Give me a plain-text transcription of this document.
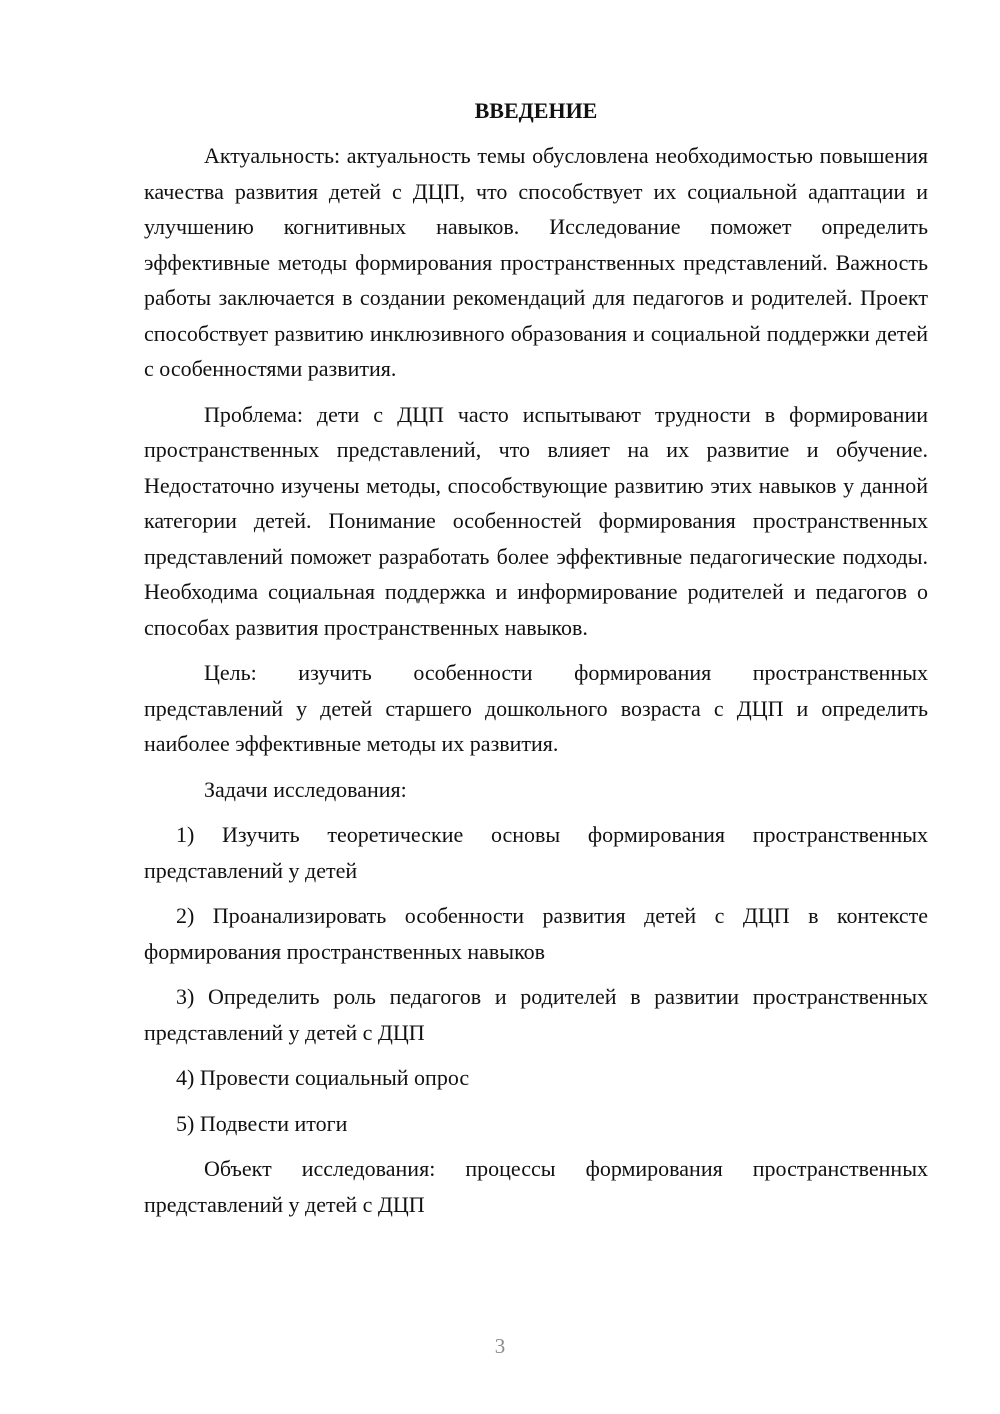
ВВЕДЕНИЕ

Актуальность: актуальность темы обусловлена необходимостью повышения качества развития детей с ДЦП, что способствует их социальной адаптации и улучшению когнитивных навыков. Исследование поможет определить эффективные методы формирования пространственных представлений. Важность работы заключается в создании рекомендаций для педагогов и родителей. Проект способствует развитию инклюзивного образования и социальной поддержки детей с особенностями развития.

Проблема: дети с ДЦП часто испытывают трудности в формировании пространственных представлений, что влияет на их развитие и обучение. Недостаточно изучены методы, способствующие развитию этих навыков у данной категории детей. Понимание особенностей формирования пространственных представлений поможет разработать более эффективные педагогические подходы. Необходима социальная поддержка и информирование родителей и педагогов о способах развития пространственных навыков.

Цель: изучить особенности формирования пространственных представлений у детей старшего дошкольного возраста с ДЦП и определить наиболее эффективные методы их развития.

Задачи исследования:

1) Изучить теоретические основы формирования пространственных представлений у детей

2) Проанализировать особенности развития детей с ДЦП в контексте формирования пространственных навыков

3) Определить роль педагогов и родителей в развитии пространственных представлений у детей с ДЦП

4) Провести социальный опрос

5) Подвести итоги

Объект исследования: процессы формирования пространственных представлений у детей с ДЦП

3
